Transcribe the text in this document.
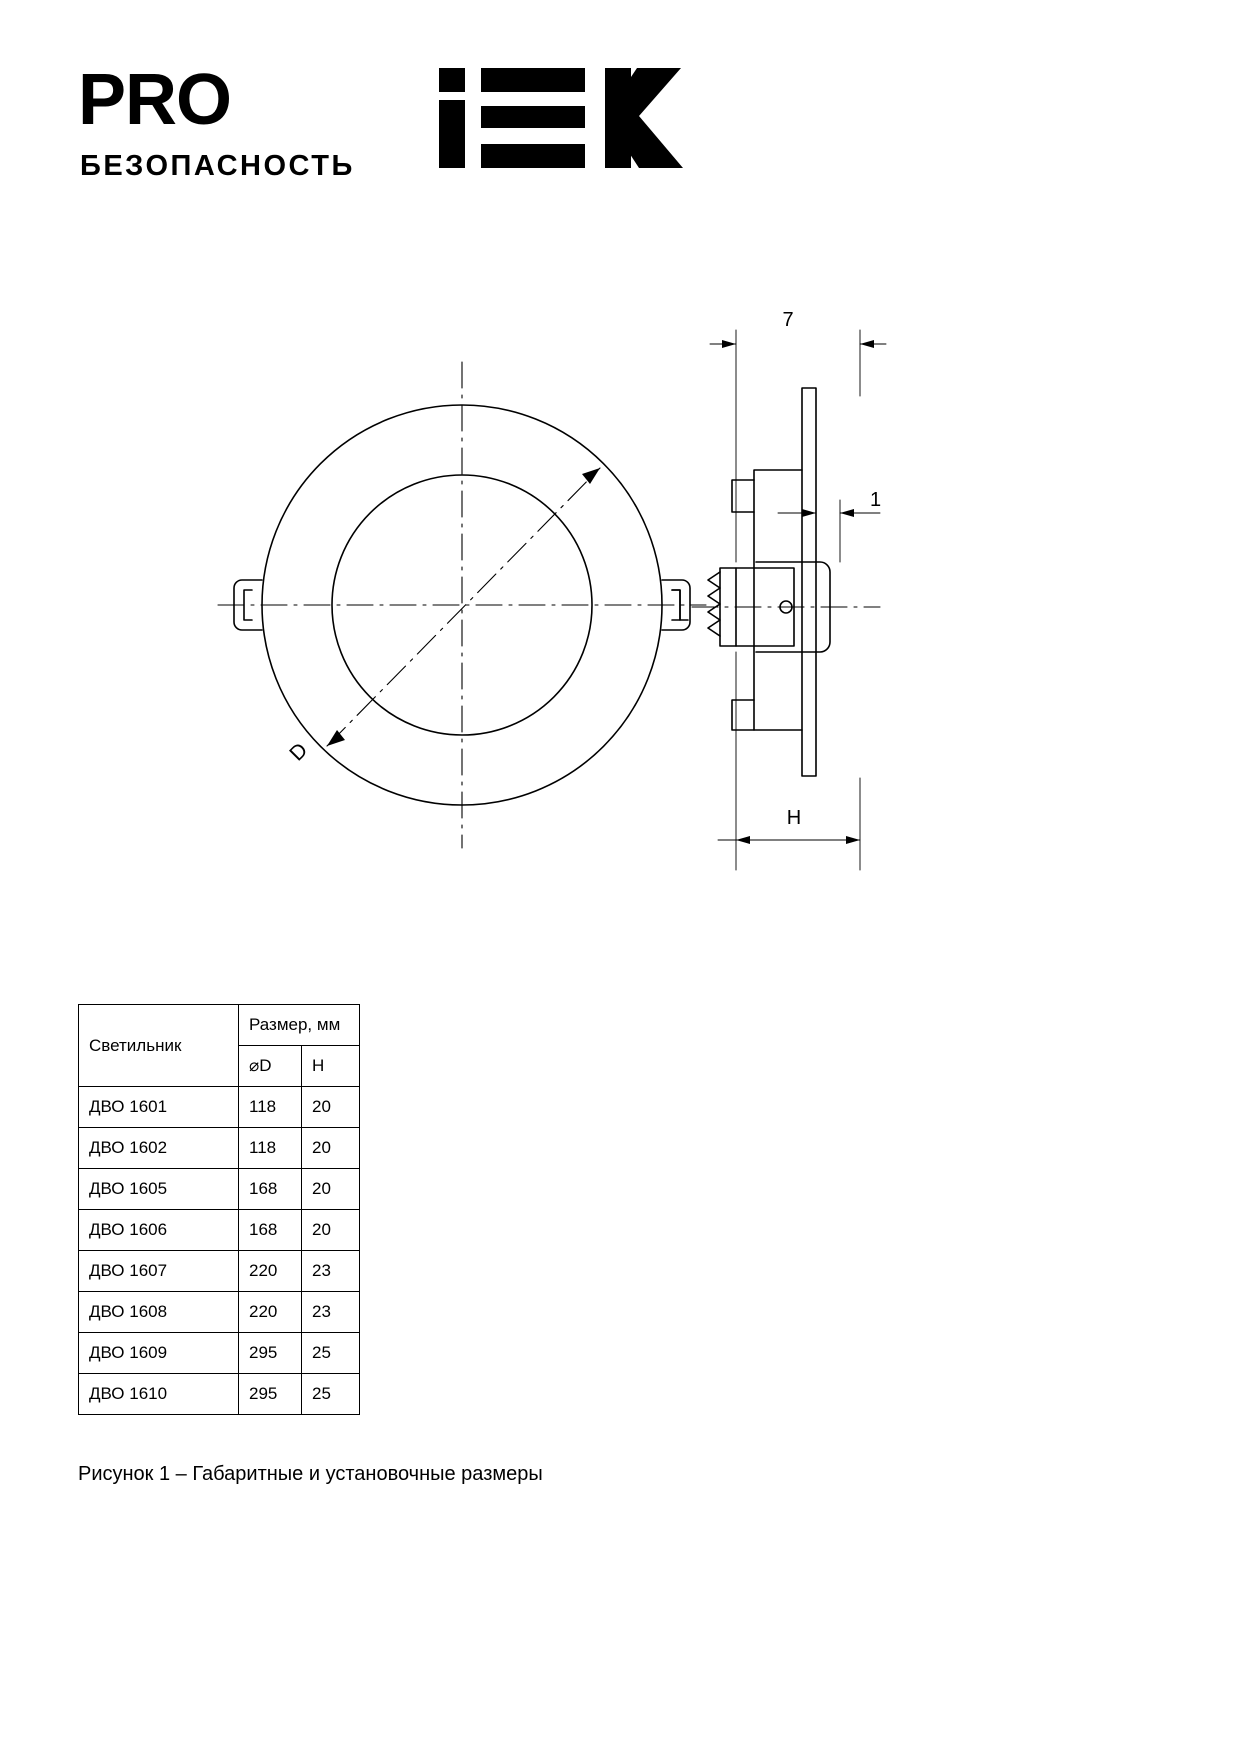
PRO
БЕЗОПАСНОСТЬ
D
7
1
H
Светильник	Размер, мм	
	⌀D	H
ДВО 1601	118	20
ДВО 1602	118	20
ДВО 1605	168	20
ДВО 1606	168	20
ДВО 1607	220	23
ДВО 1608	220	23
ДВО 1609	295	25
ДВО 1610	295	25
Рисунок 1 – Габаритные и установочные размеры
